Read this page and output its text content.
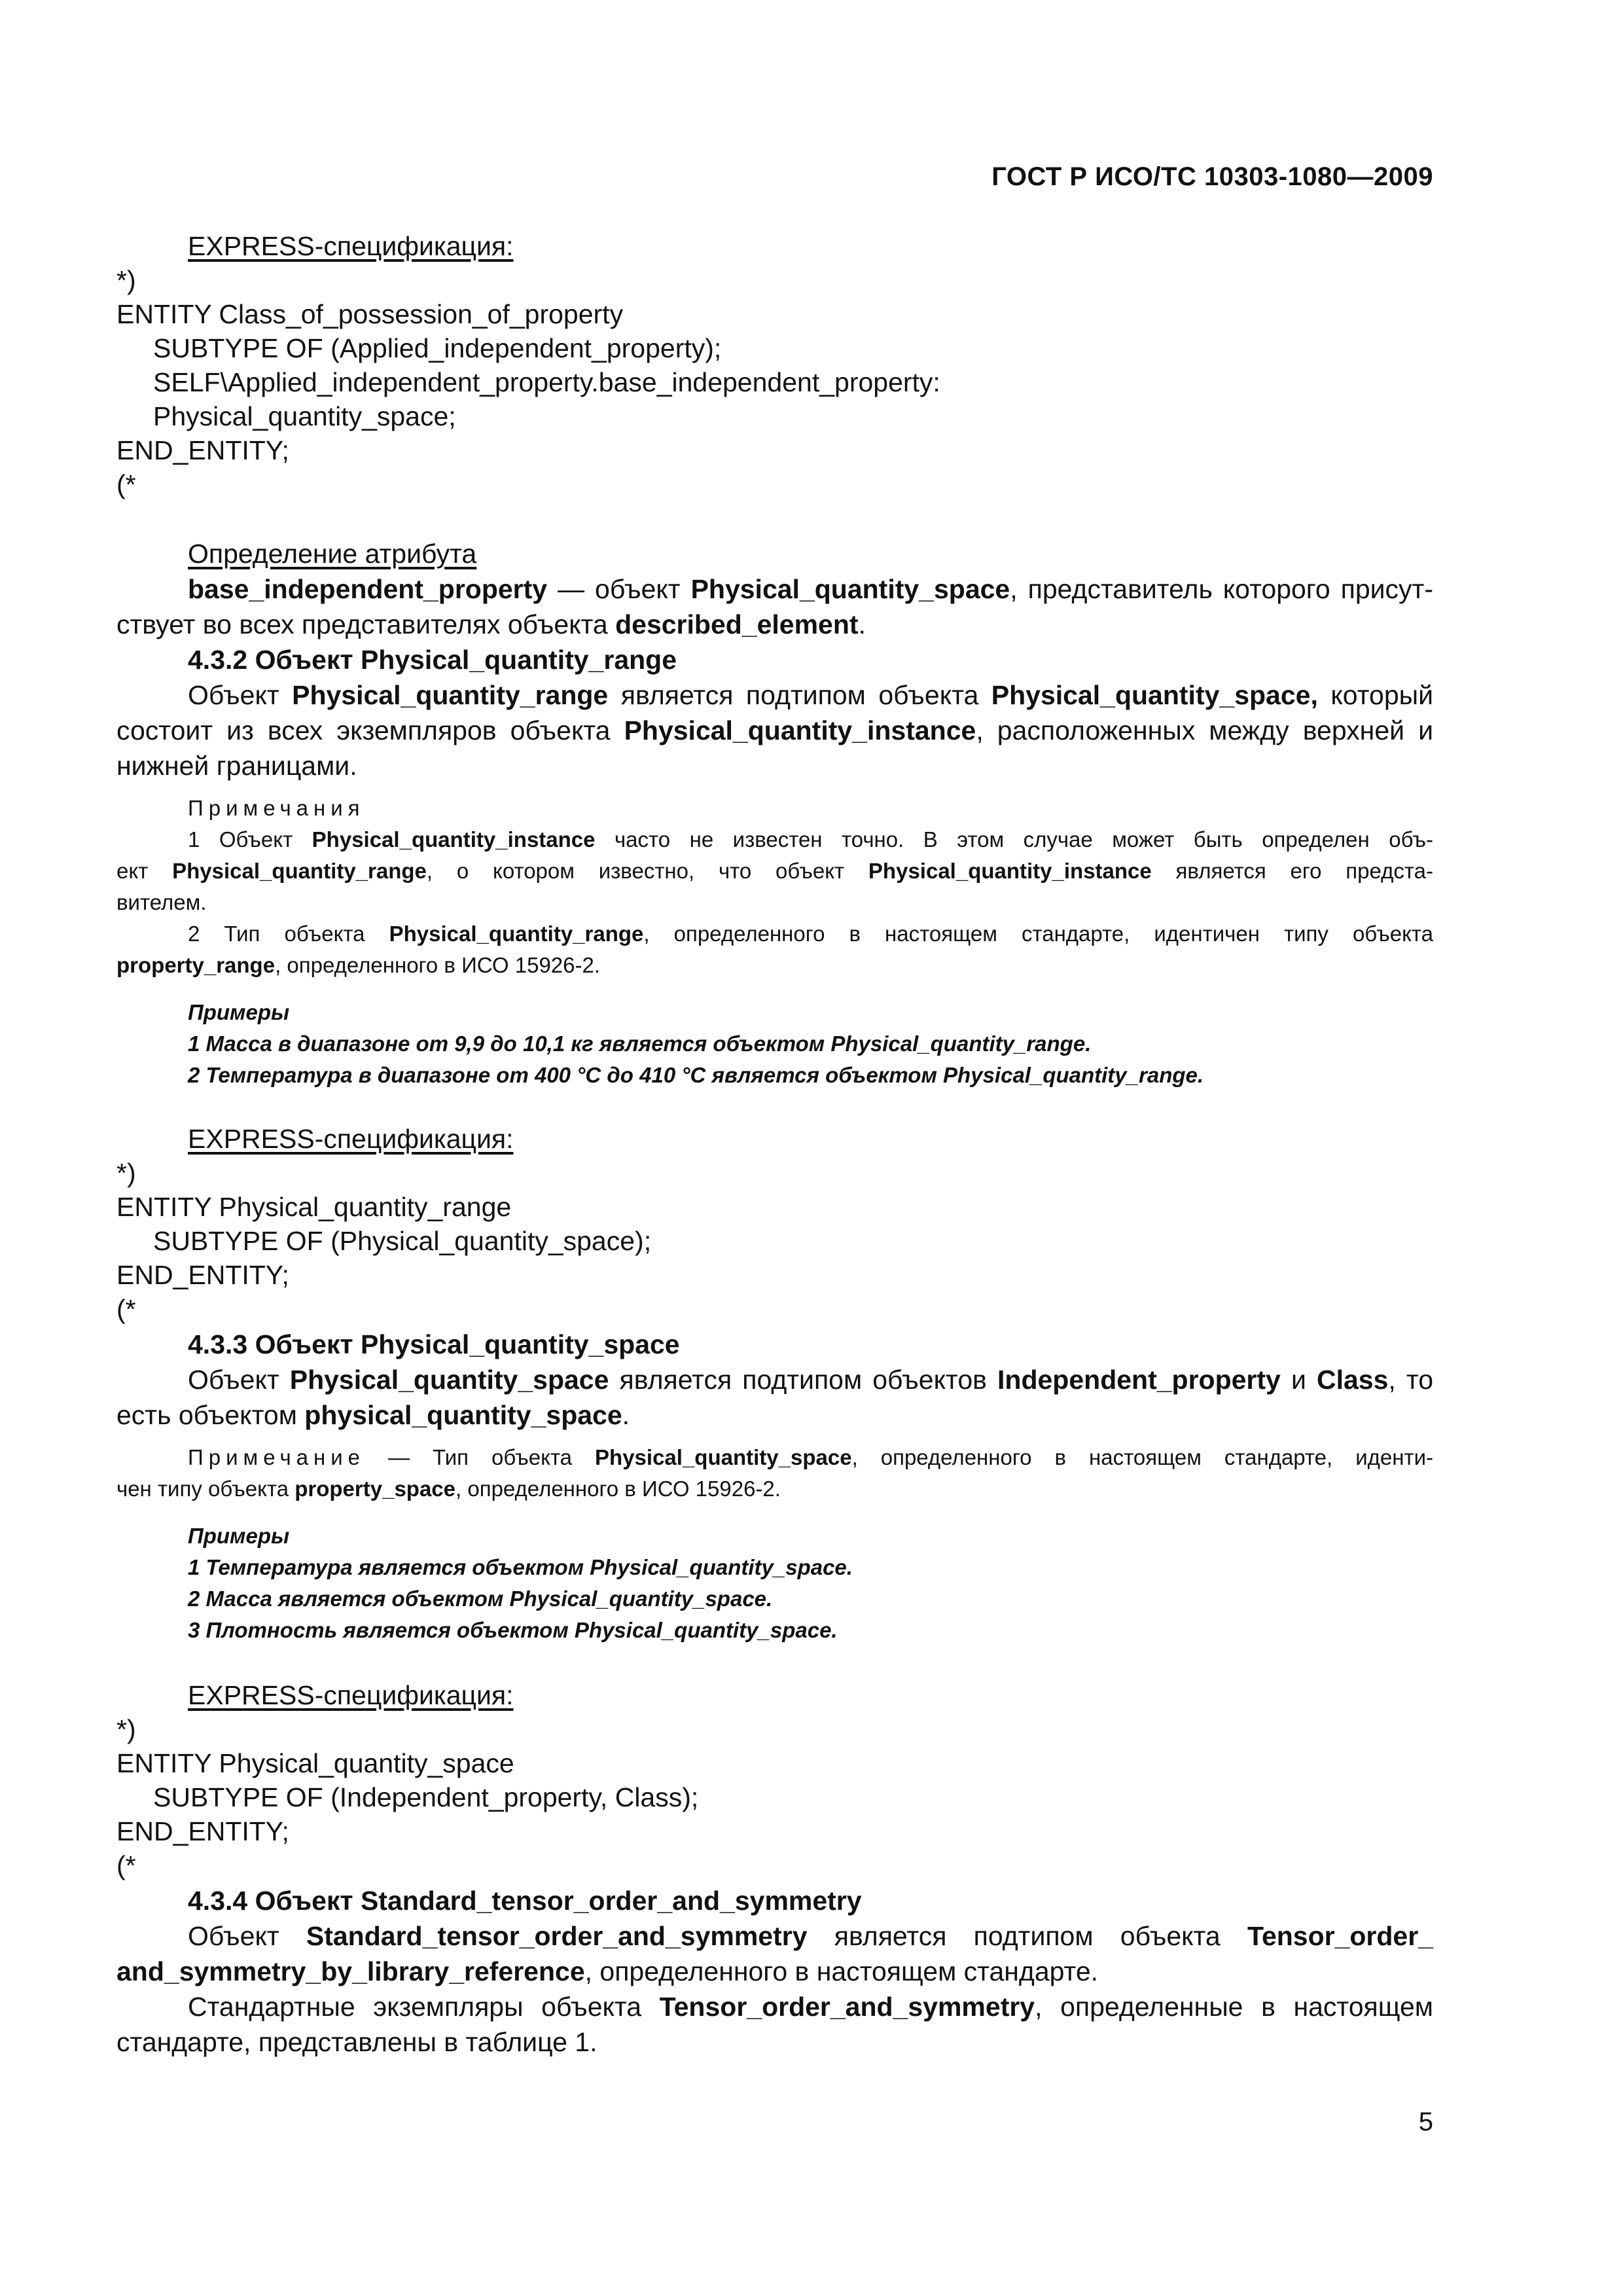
ГОСТ Р ИСО/ТС 10303-1080—2009
EXPRESS-спецификация:
*)
ENTITY Class_of_possession_of_property
SUBTYPE OF (Applied_independent_property);
SELF\Applied_independent_property.base_independent_property:
Physical_quantity_space;
END_ENTITY;
(*
Определение атрибута
base_independent_property — объект Physical_quantity_space, представитель которого присут-
ствует во всех представителях объекта described_element.
4.3.2 Объект Physical_quantity_range
Объект Physical_quantity_range является подтипом объекта Physical_quantity_space, который
состоит из всех экземпляров объекта Physical_quantity_instance, расположенных между верхней и
нижней границами.
Примечания
1 Объект Physical_quantity_instance часто не известен точно. В этом случае может быть определен объ-
ект Physical_quantity_range, о котором известно, что объект Physical_quantity_instance является его предста-
вителем.
2 Тип объекта Physical_quantity_range, определенного в настоящем стандарте, идентичен типу объекта
property_range, определенного в ИСО 15926-2.
Примеры
1 Масса в диапазоне от 9,9 до 10,1 кг является объектом Physical_quantity_range.
2 Температура в диапазоне от 400 °C до 410 °C является объектом Physical_quantity_range.
EXPRESS-спецификация:
*)
ENTITY Physical_quantity_range
SUBTYPE OF (Physical_quantity_space);
END_ENTITY;
(*
4.3.3 Объект Physical_quantity_space
Объект Physical_quantity_space является подтипом объектов Independent_property и Class, то
есть объектом physical_quantity_space.
Примечание — Тип объекта Physical_quantity_space, определенного в настоящем стандарте, иденти-
чен типу объекта property_space, определенного в ИСО 15926-2.
Примеры
1 Температура является объектом Physical_quantity_space.
2 Масса является объектом Physical_quantity_space.
3 Плотность является объектом Physical_quantity_space.
EXPRESS-спецификация:
*)
ENTITY Physical_quantity_space
SUBTYPE OF (Independent_property, Class);
END_ENTITY;
(*
4.3.4 Объект Standard_tensor_order_and_symmetry
Объект Standard_tensor_order_and_symmetry является подтипом объекта Tensor_order_
and_symmetry_by_library_reference, определенного в настоящем стандарте.
Стандартные экземпляры объекта Tensor_order_and_symmetry, определенные в настоящем
стандарте, представлены в таблице 1.
5
